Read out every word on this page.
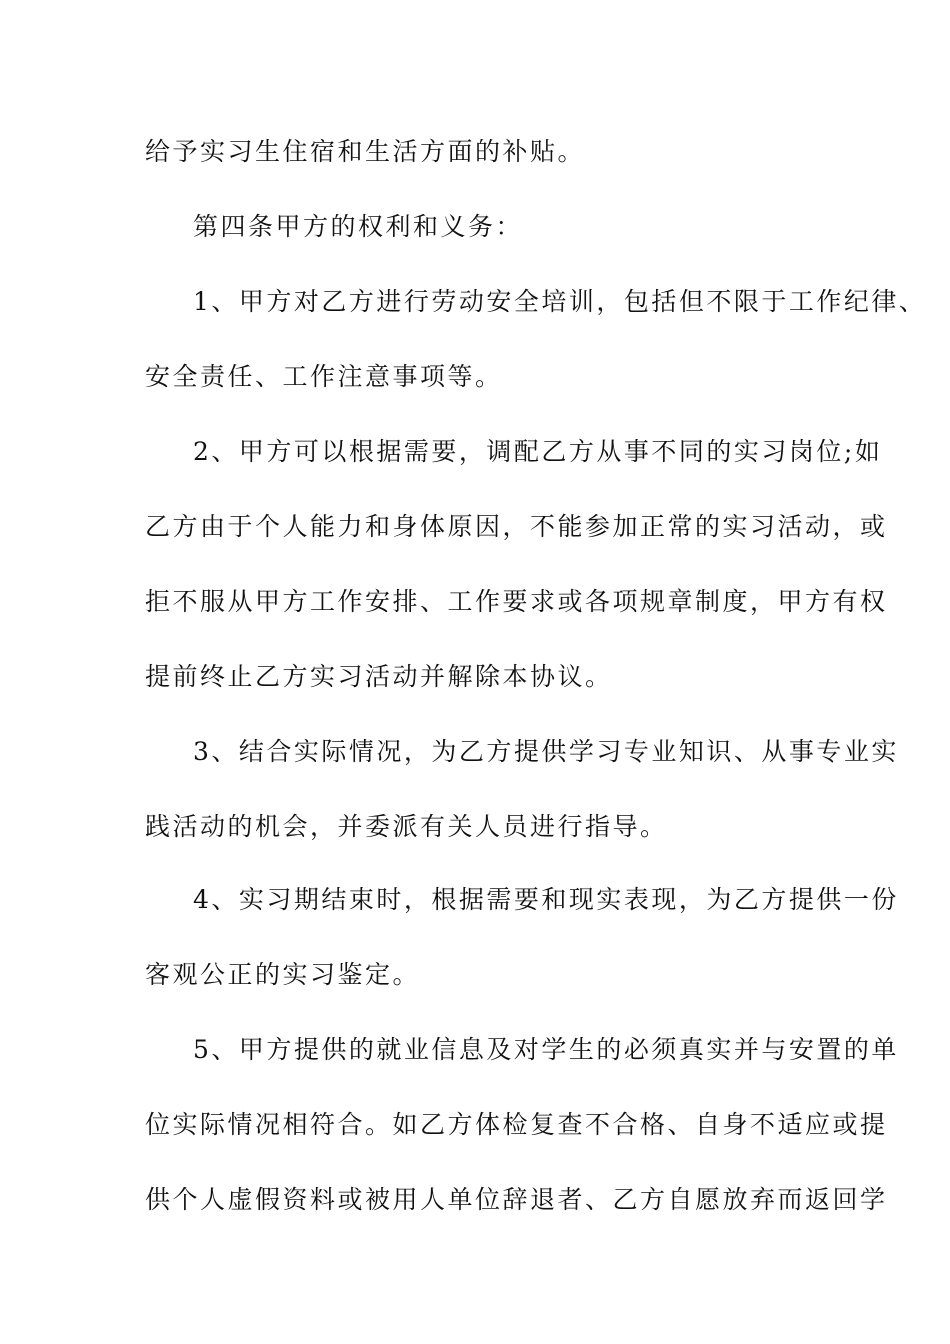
给予实习生住宿和生活方面的补贴。
第四条甲方的权利和义务：
1、甲方对乙方进行劳动安全培训，包括但不限于工作纪律、
安全责任、工作注意事项等。
2、甲方可以根据需要，调配乙方从事不同的实习岗位;如
乙方由于个人能力和身体原因，不能参加正常的实习活动，或
拒不服从甲方工作安排、工作要求或各项规章制度，甲方有权
提前终止乙方实习活动并解除本协议。
3、结合实际情况，为乙方提供学习专业知识、从事专业实
践活动的机会，并委派有关人员进行指导。
4、实习期结束时，根据需要和现实表现，为乙方提供一份
客观公正的实习鉴定。
5、甲方提供的就业信息及对学生的必须真实并与安置的单
位实际情况相符合。如乙方体检复查不合格、自身不适应或提
供个人虚假资料或被用人单位辞退者、乙方自愿放弃而返回学
